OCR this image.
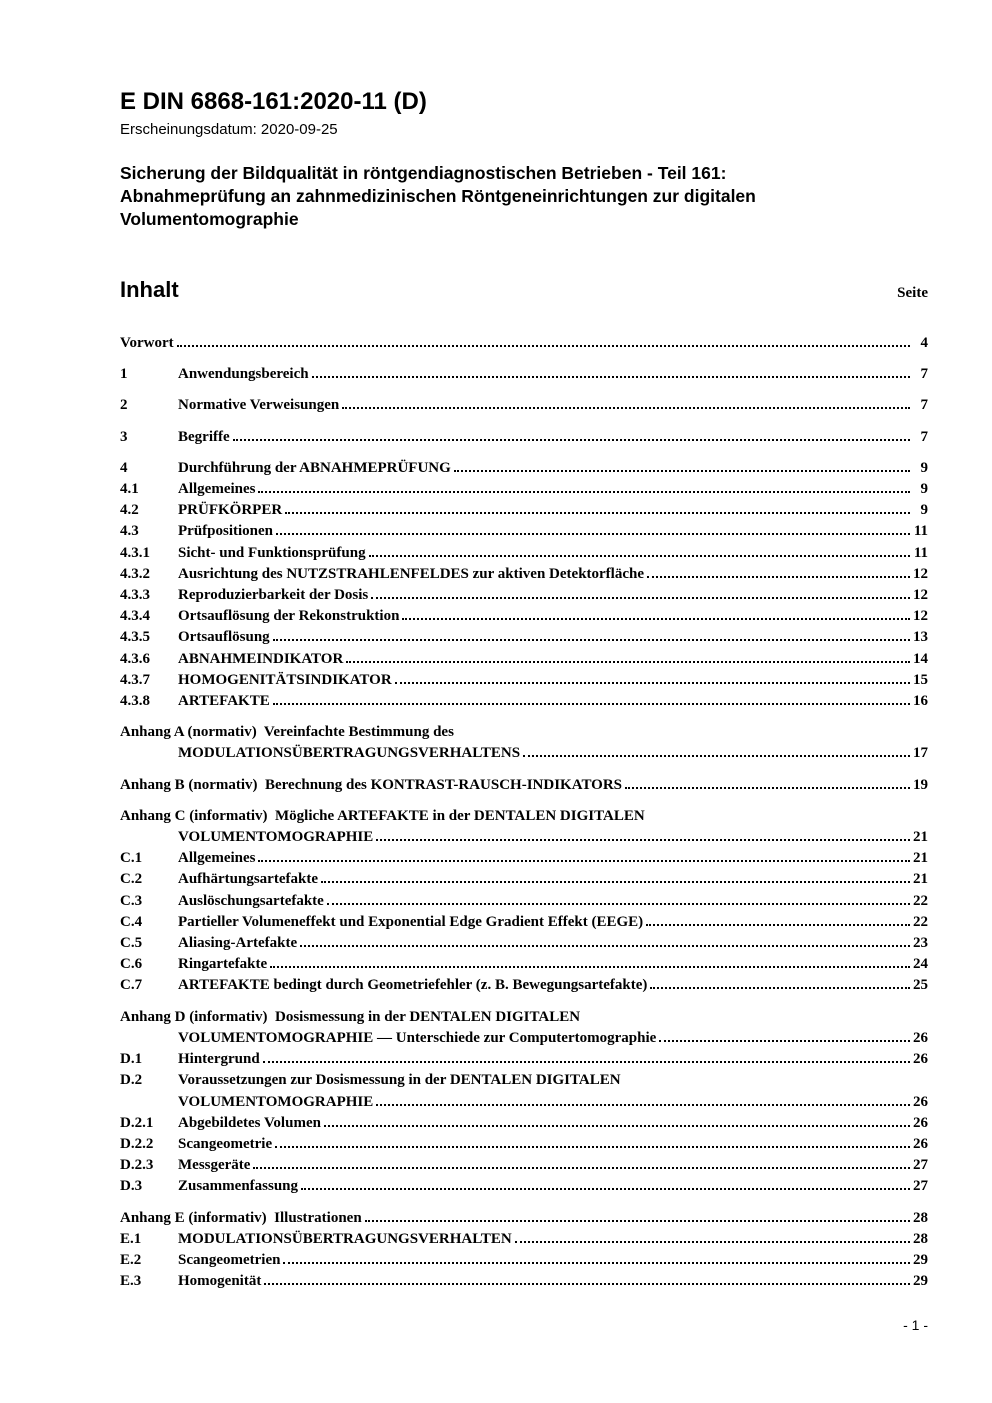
E DIN 6868-161:2020-11 (D)
Erscheinungsdatum: 2020-09-25
Sicherung der Bildqualität in röntgendiagnostischen Betrieben - Teil 161:
Abnahmeprüfung an zahnmedizinischen Röntgeneinrichtungen zur digitalen
Volumentomographie
Inhalt	Seite
Vorwort	4
1	Anwendungsbereich	7
2	Normative Verweisungen	7
3	Begriffe	7
4	Durchführung der ABNAHMEPRÜFUNG	9
4.1	Allgemeines	9
4.2	PRÜFKÖRPER	9
4.3	Prüfpositionen	11
4.3.1	Sicht- und Funktionsprüfung	11
4.3.2	Ausrichtung des NUTZSTRAHLENFELDES zur aktiven Detektorfläche	12
4.3.3	Reproduzierbarkeit der Dosis	12
4.3.4	Ortsauflösung der Rekonstruktion	12
4.3.5	Ortsauflösung	13
4.3.6	ABNAHMEINDIKATOR	14
4.3.7	HOMOGENITÄTSINDIKATOR	15
4.3.8	ARTEFAKTE	16
Anhang A (normativ)  Vereinfachte Bestimmung des
MODULATIONSÜBERTRAGUNGSVERHALTENS	17
Anhang B (normativ)  Berechnung des KONTRAST-RAUSCH-INDIKATORS	19
Anhang C (informativ)  Mögliche ARTEFAKTE in der DENTALEN DIGITALEN
VOLUMENTOMOGRAPHIE	21
C.1	Allgemeines	21
C.2	Aufhärtungsartefakte	21
C.3	Auslöschungsartefakte	22
C.4	Partieller Volumeneffekt und Exponential Edge Gradient Effekt (EEGE)	22
C.5	Aliasing-Artefakte	23
C.6	Ringartefakte	24
C.7	ARTEFAKTE bedingt durch Geometriefehler (z. B. Bewegungsartefakte)	25
Anhang D (informativ)  Dosismessung in der DENTALEN DIGITALEN
VOLUMENTOMOGRAPHIE — Unterschiede zur Computertomographie	26
D.1	Hintergrund	26
D.2	Voraussetzungen zur Dosismessung in der DENTALEN DIGITALEN
VOLUMENTOMOGRAPHIE	26
D.2.1	Abgebildetes Volumen	26
D.2.2	Scangeometrie	26
D.2.3	Messgeräte	27
D.3	Zusammenfassung	27
Anhang E (informativ)  Illustrationen	28
E.1	MODULATIONSÜBERTRAGUNGSVERHALTEN	28
E.2	Scangeometrien	29
E.3	Homogenität	29
- 1 -
